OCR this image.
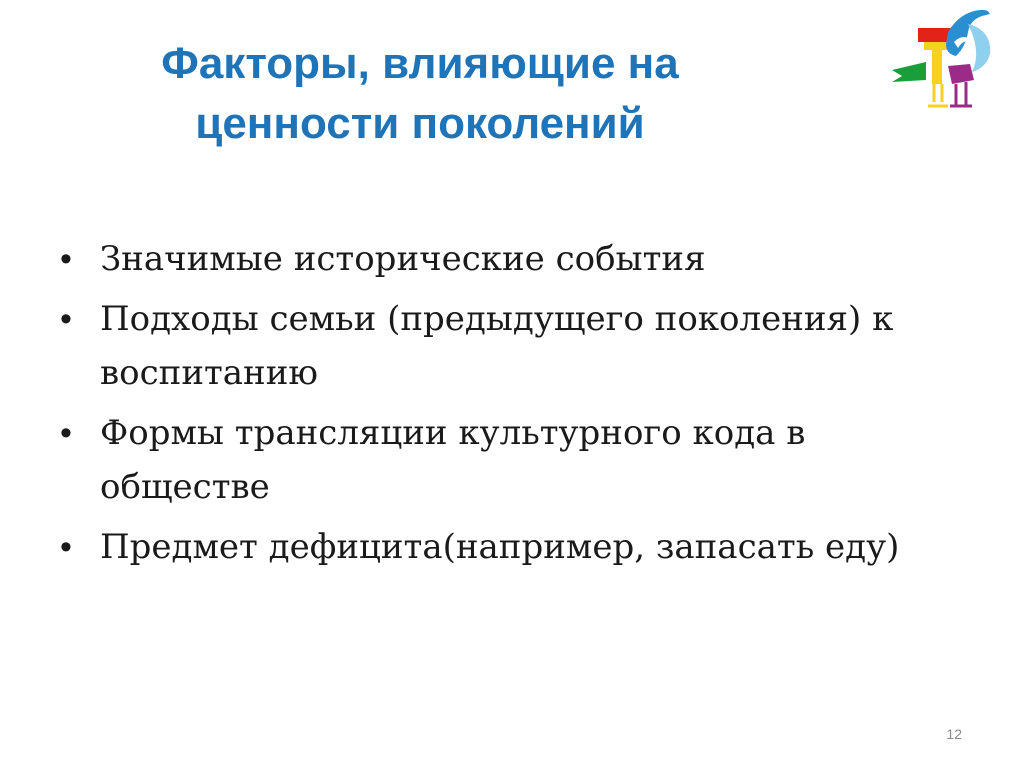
Факторы, влияющие на
ценности поколений
• Значимые исторические события
• Подходы семьи (предыдущего поколения) к воспитанию
• Формы трансляции культурного кода в обществе
• Предмет дефицита(например, запасать еду)
12
